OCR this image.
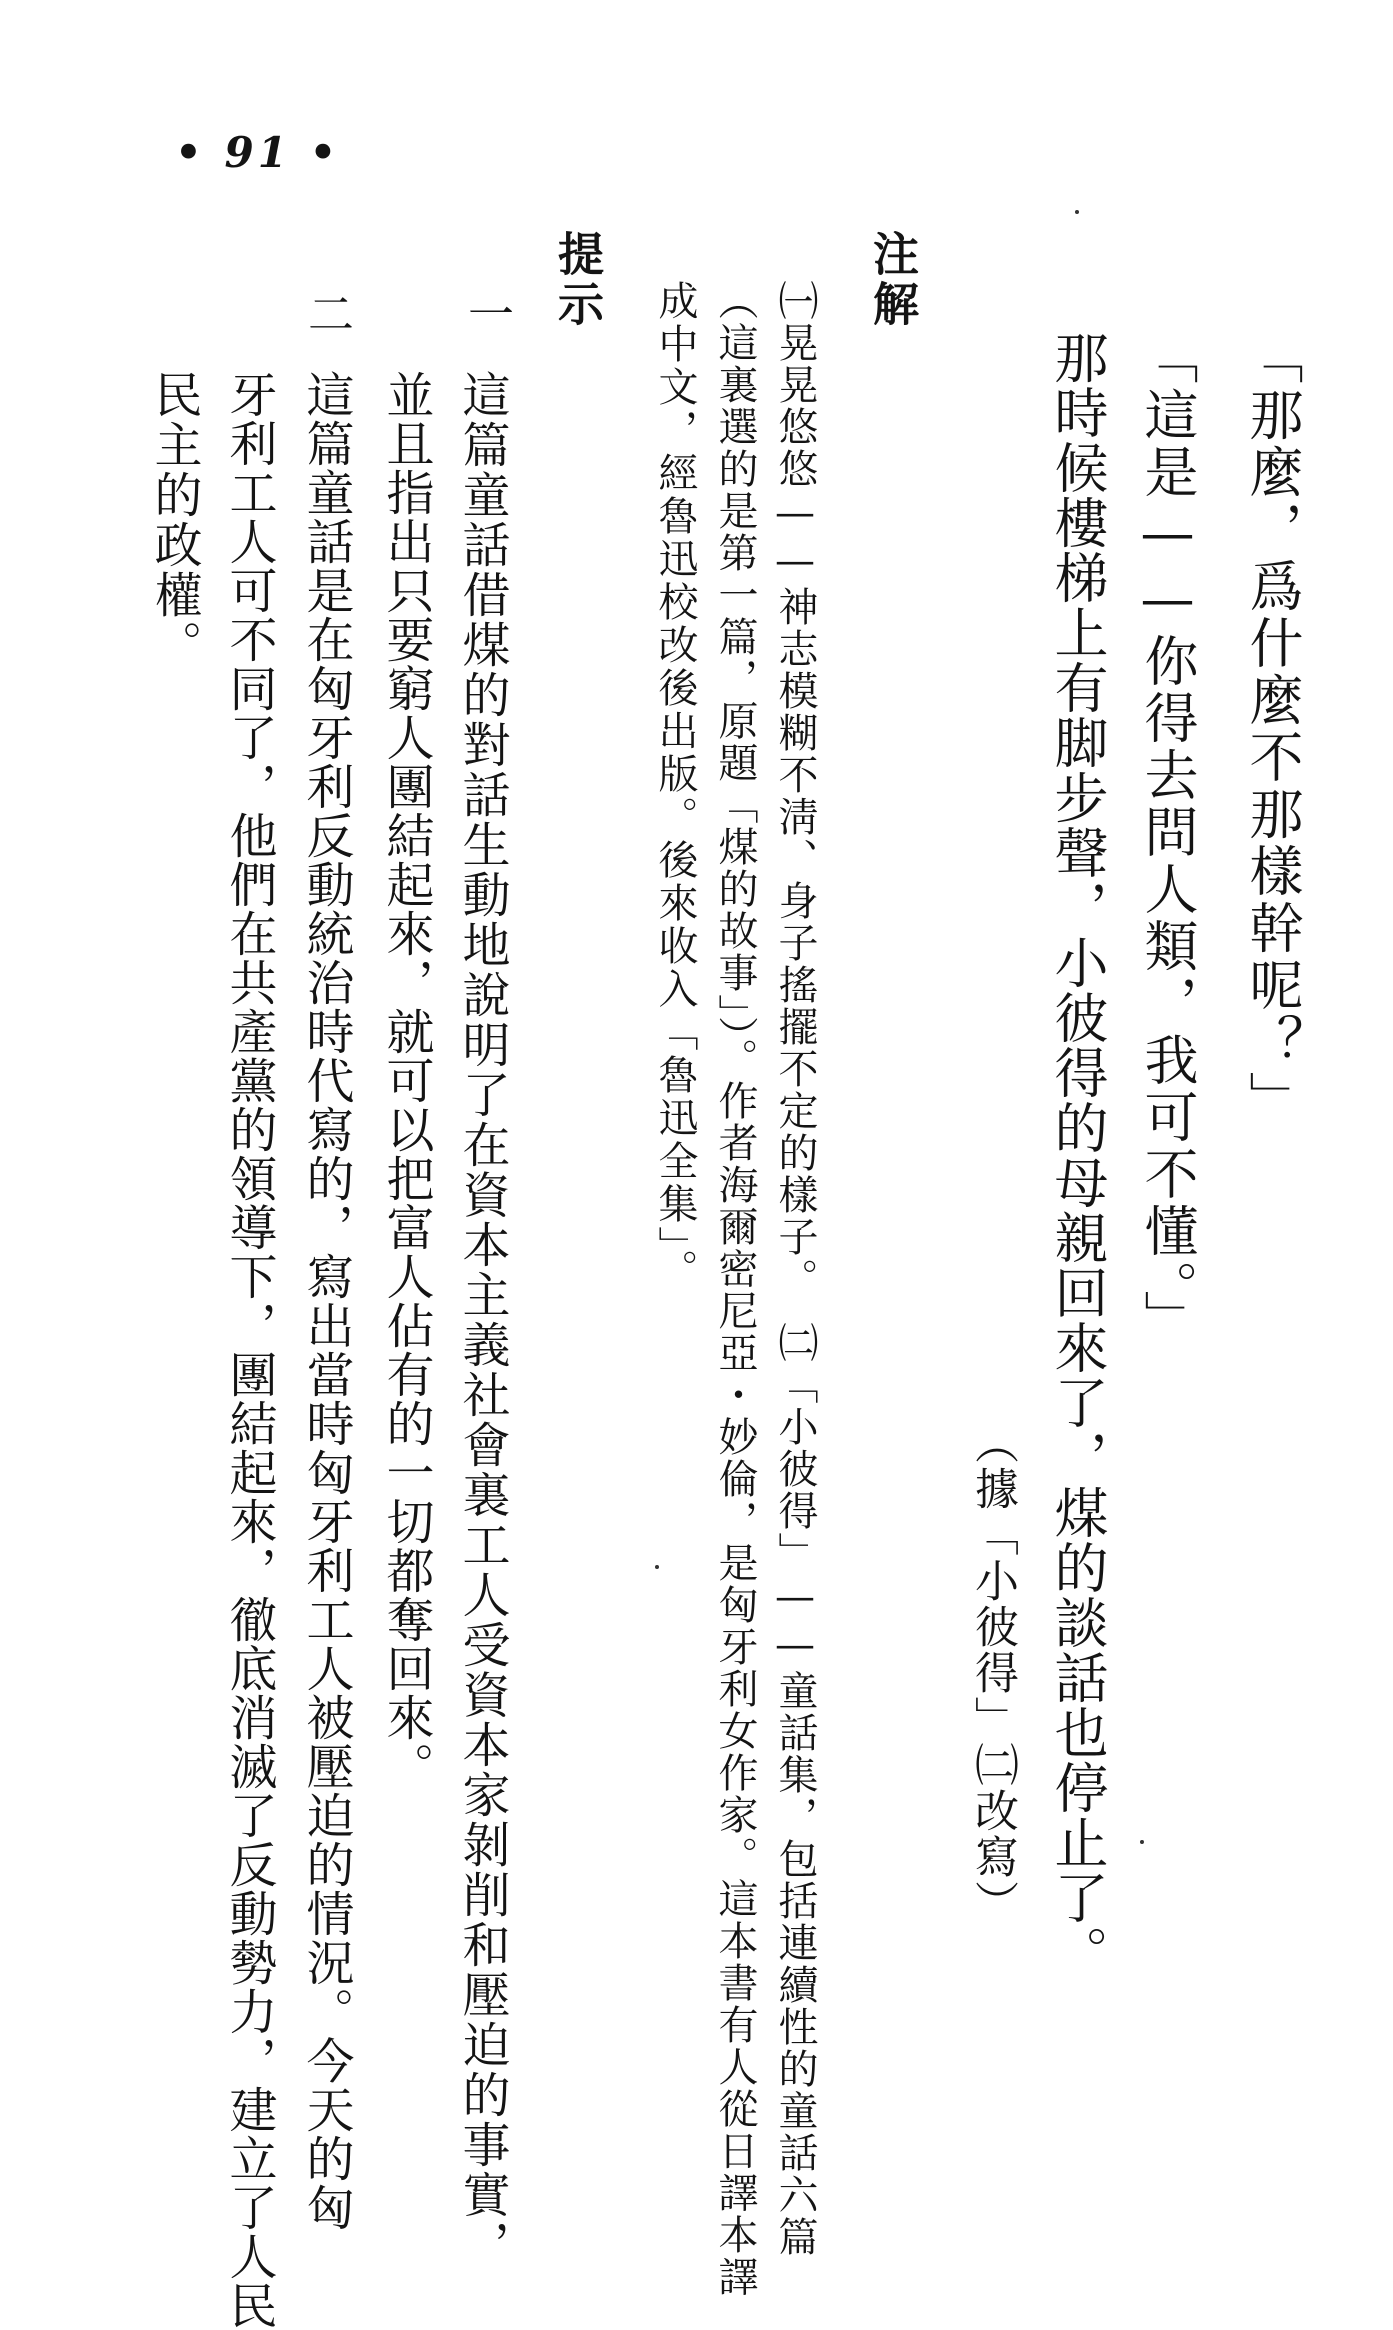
• 91 •
「那麼，爲什麼不那樣幹呢？」
「這是——你得去問人類，我可不懂。」
那時候樓梯上有脚步聲，小彼得的母親回來了，煤的談話也停止了。
（據「小彼得」㈡改寫）
注解
㈠晃晃悠悠——神志模糊不淸、身子搖擺不定的樣子。　㈡「小彼得」——童話集，包括連續性的童話六篇
（這裏選的是第一篇，原題「煤的故事」）。作者海爾密尼亞・妙倫，是匈牙利女作家。這本書有人從日譯本譯
成中文，經魯迅校改後出版。後來收入「魯迅全集」。
提示
一
這篇童話借煤的對話生動地說明了在資本主義社會裏工人受資本家剝削和壓迫的事實，
並且指出只要窮人團結起來，就可以把富人佔有的一切都奪回來。
二
這篇童話是在匈牙利反動統治時代寫的，寫出當時匈牙利工人被壓迫的情況。今天的匈
牙利工人可不同了，他們在共產黨的領導下，團結起來，徹底消滅了反動勢力，建立了人民
民主的政權。
